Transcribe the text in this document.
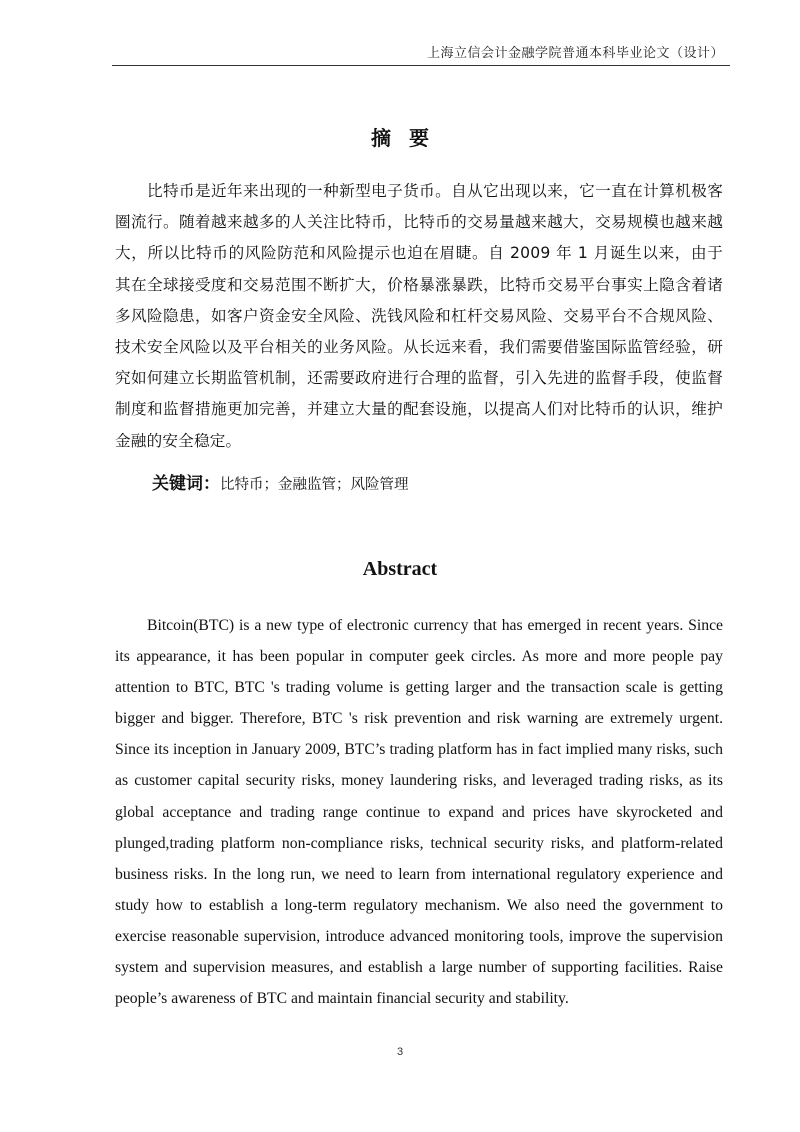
上海立信会计金融学院普通本科毕业论文（设计）
摘要

比特币是近年来出现的一种新型电子货币。自从它出现以来，它一直在计算机极客圈流行。随着越来越多的人关注比特币，比特币的交易量越来越大，交易规模也越来越大，所以比特币的风险防范和风险提示也迫在眉睫。自 2009 年 1 月诞生以来，由于其在全球接受度和交易范围不断扩大，价格暴涨暴跌，比特币交易平台事实上隐含着诸多风险隐患，如客户资金安全风险、洗钱风险和杠杆交易风险、交易平台不合规风险、技术安全风险以及平台相关的业务风险。从长远来看，我们需要借鉴国际监管经验，研究如何建立长期监管机制，还需要政府进行合理的监督，引入先进的监督手段，使监督制度和监督措施更加完善，并建立大量的配套设施，以提高人们对比特币的认识，维护金融的安全稳定。

关键词：比特币；金融监管；风险管理
Abstract

Bitcoin(BTC) is a new type of electronic currency that has emerged in recent years. Since its appearance, it has been popular in computer geek circles. As more and more people pay attention to BTC, BTC 's trading volume is getting larger and the transaction scale is getting bigger and bigger. Therefore, BTC 's risk prevention and risk warning are extremely urgent. Since its inception in January 2009, BTC’s trading platform has in fact implied many risks, such as customer capital security risks, money laundering risks, and leveraged trading risks, as its global acceptance and trading range continue to expand and prices have skyrocketed and plunged,trading platform non-compliance risks, technical security risks, and platform-related business risks. In the long run, we need to learn from international regulatory experience and study how to establish a long-term regulatory mechanism. We also need the government to exercise reasonable supervision, introduce advanced monitoring tools, improve the supervision system and supervision measures, and establish a large number of supporting facilities. Raise people’s awareness of BTC and maintain financial security and stability.

3
